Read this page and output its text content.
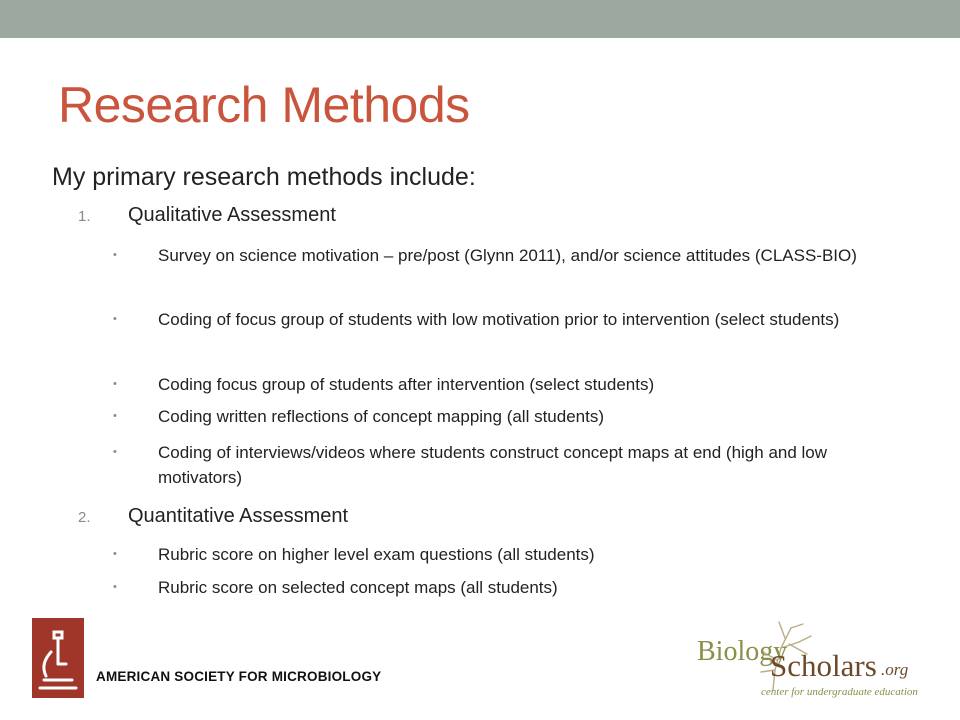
Research Methods
My primary research methods include:
1. Qualitative Assessment
• Survey on science motivation – pre/post (Glynn 2011), and/or science attitudes (CLASS-BIO)
• Coding of focus group of students with low motivation prior to intervention (select students)
• Coding focus group of students after intervention (select students)
• Coding written reflections of concept mapping (all students)
• Coding of interviews/videos where students construct concept maps at end (high and low motivators)
2. Quantitative Assessment
• Rubric score on higher level exam questions (all students)
• Rubric score on selected concept maps (all students)
AMERICAN SOCIETY FOR MICROBIOLOGY
Biology
Scholars .org
center for undergraduate education
